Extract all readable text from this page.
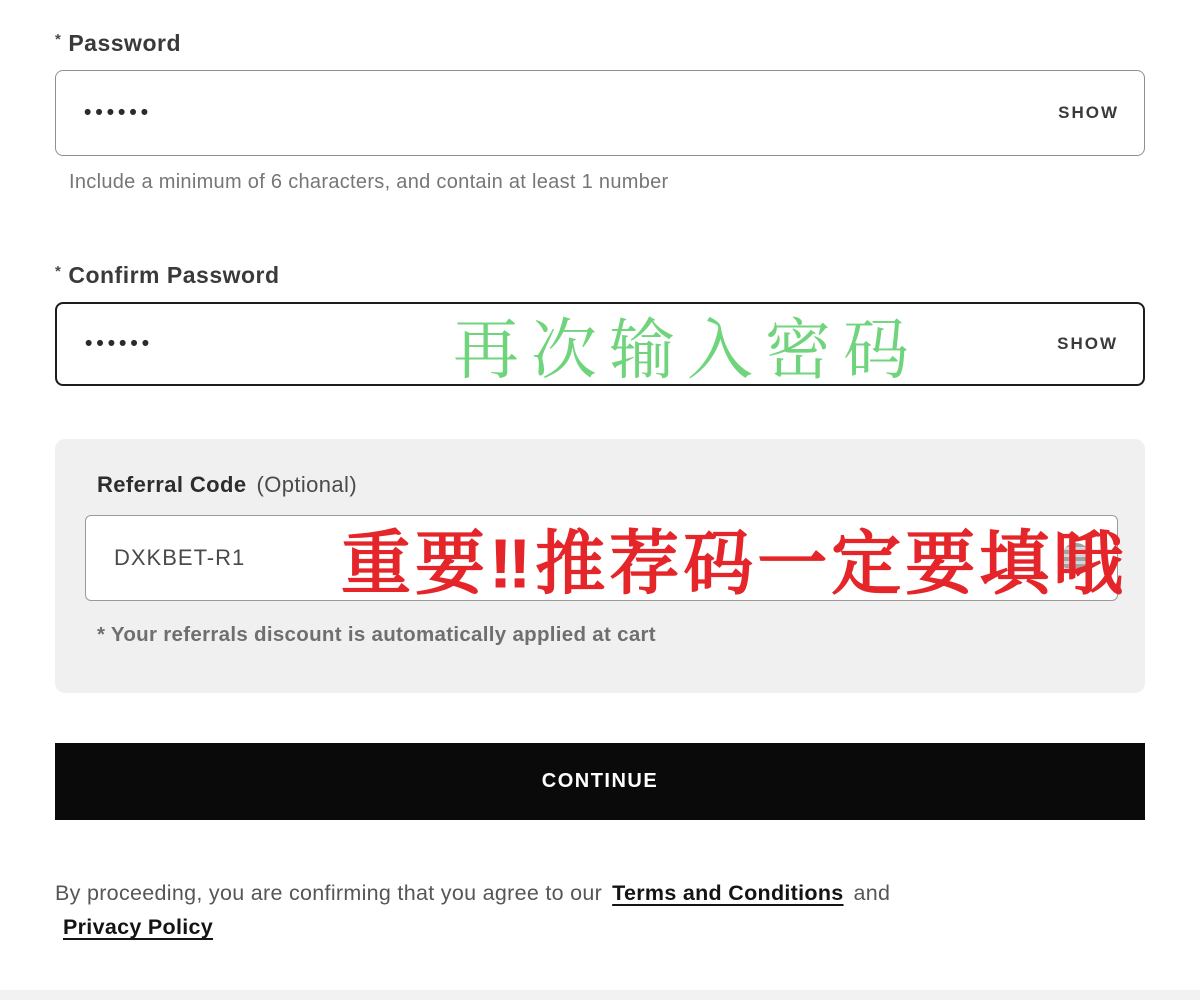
* Password
••••••
SHOW
Include a minimum of 6 characters, and contain at least 1 number
* Confirm Password
••••••
SHOW
再次输入密码
Referral Code (Optional)
DXKBET-R1
重要‼推荐码一定要填哦
* Your referrals discount is automatically applied at cart
CONTINUE
By proceeding, you are confirming that you agree to our Terms and Conditions and
Privacy Policy
